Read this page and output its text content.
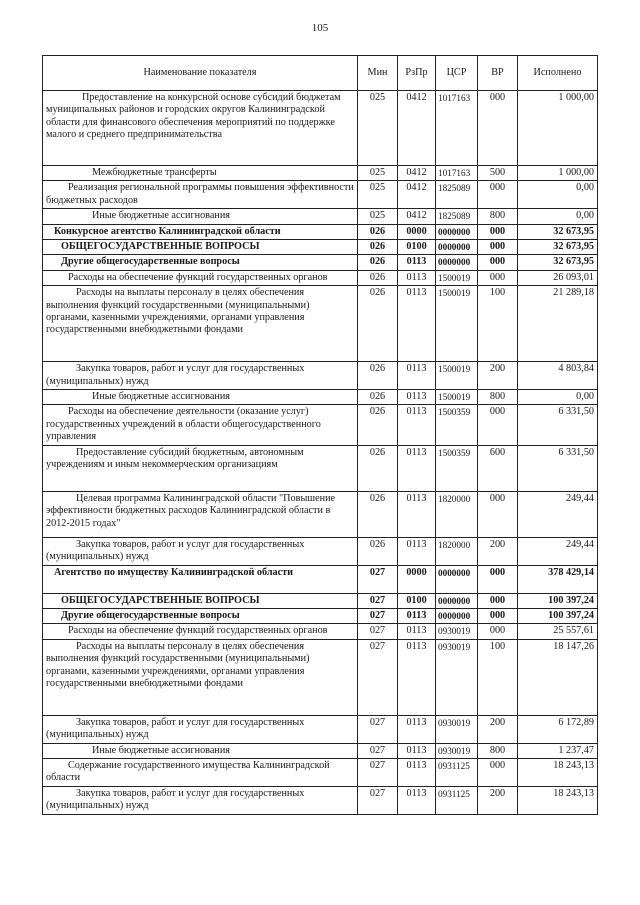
105
Наименование показателя	Мин	РзПр	ЦСР	ВР	Исполнено
Предоставление на конкурсной основе субсидий бюджетам муниципальных районов и городских округов Калининградской области для финансового обеспечения мероприятий по поддержке малого и среднего предпринимательства	025	0412	1017163	000	1 000,00
Межбюджетные трансферты	025	0412	1017163	500	1 000,00
Реализация региональной программы повышения эффективности бюджетных расходов	025	0412	1825089	000	0,00
Иные бюджетные ассигнования	025	0412	1825089	800	0,00
Конкурсное агентство Калининградской области	026	0000	0000000	000	32 673,95
ОБЩЕГОСУДАРСТВЕННЫЕ ВОПРОСЫ	026	0100	0000000	000	32 673,95
Другие общегосударственные вопросы	026	0113	0000000	000	32 673,95
Расходы на обеспечение функций государственных органов	026	0113	1500019	000	26 093,01
Расходы на выплаты персоналу в целях обеспечения выполнения функций государственными (муниципальными) органами, казенными учреждениями, органами управления государственными внебюджетными фондами	026	0113	1500019	100	21 289,18
Закупка товаров, работ и услуг для государственных (муниципальных) нужд	026	0113	1500019	200	4 803,84
Иные бюджетные ассигнования	026	0113	1500019	800	0,00
Расходы на обеспечение деятельности (оказание услуг) государственных учреждений в области общегосударственного управления	026	0113	1500359	000	6 331,50
Предоставление субсидий бюджетным, автономным учреждениям и иным некоммерческим организациям	026	0113	1500359	600	6 331,50
Целевая программа Калининградской области "Повышение эффективности бюджетных расходов Калининградской области в 2012-2015 годах"	026	0113	1820000	000	249,44
Закупка товаров, работ и услуг для государственных (муниципальных) нужд	026	0113	1820000	200	249,44
Агентство по имуществу Калининградской области	027	0000	0000000	000	378 429,14
ОБЩЕГОСУДАРСТВЕННЫЕ ВОПРОСЫ	027	0100	0000000	000	100 397,24
Другие общегосударственные вопросы	027	0113	0000000	000	100 397,24
Расходы на обеспечение функций государственных органов	027	0113	0930019	000	25 557,61
Расходы на выплаты персоналу в целях обеспечения выполнения функций государственными (муниципальными) органами, казенными учреждениями, органами управления государственными внебюджетными фондами	027	0113	0930019	100	18 147,26
Закупка товаров, работ и услуг для государственных (муниципальных) нужд	027	0113	0930019	200	6 172,89
Иные бюджетные ассигнования	027	0113	0930019	800	1 237,47
Содержание государственного имущества Калининградской области	027	0113	0931125	000	18 243,13
Закупка товаров, работ и услуг для государственных (муниципальных) нужд	027	0113	0931125	200	18 243,13
